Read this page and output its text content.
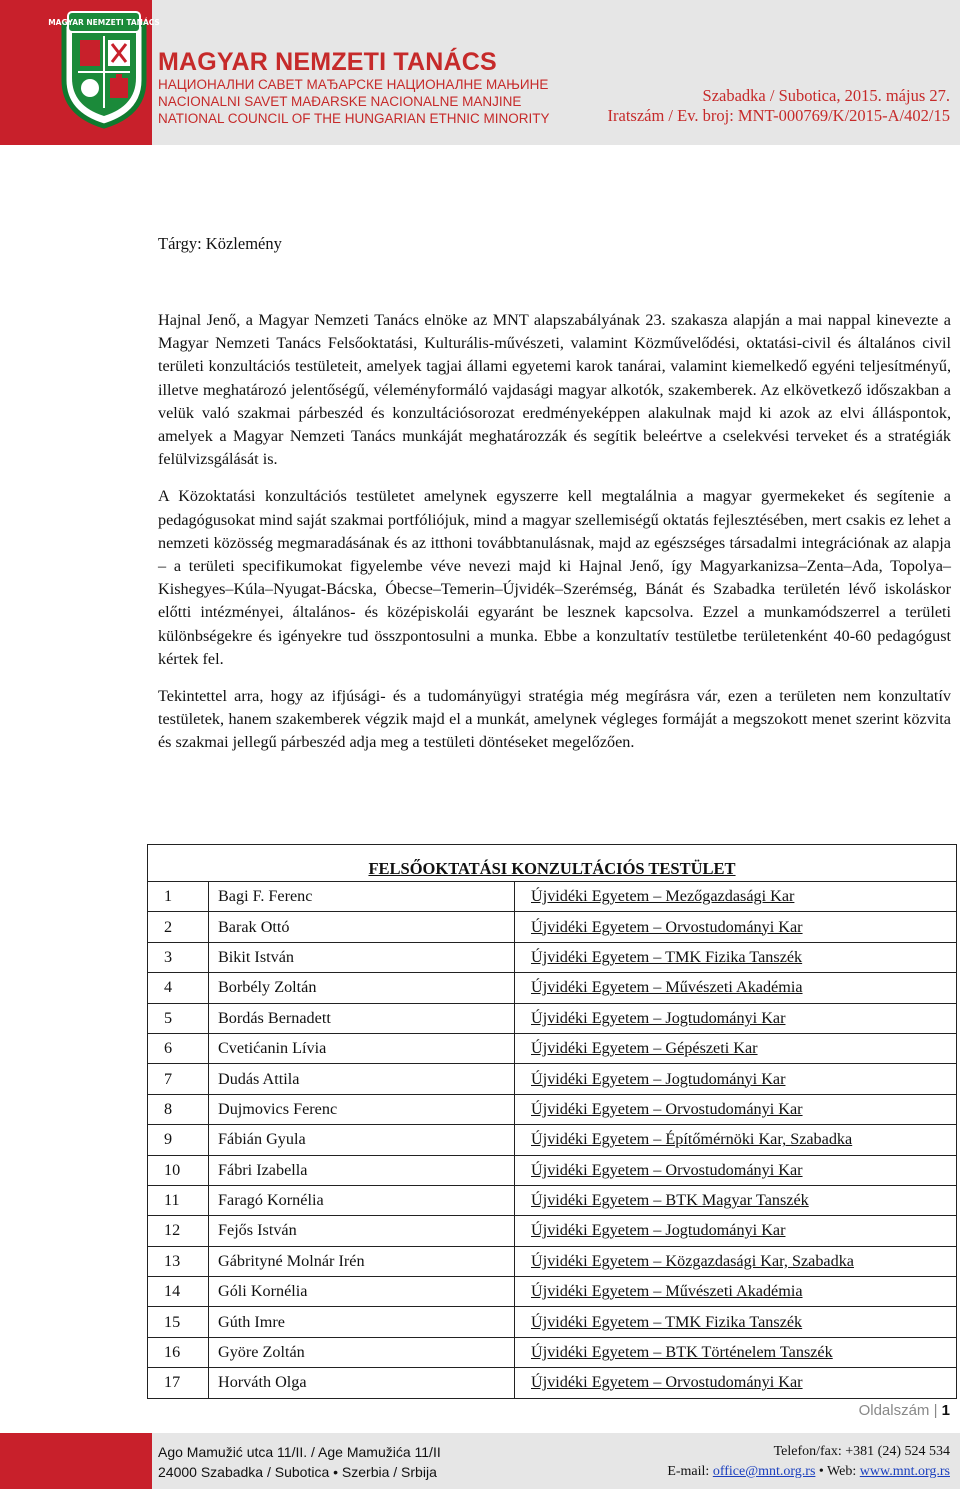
MAGYAR NEMZETI TANÁCS
MAGYAR NEMZETI TANÁCS
НАЦИОНАЛНИ САВЕТ МАЂАРСКЕ НАЦИОНАЛНЕ МАЊИНЕ
NACIONALNI SAVET MAĐARSKE NACIONALNE MANJINE
NATIONAL COUNCIL OF THE HUNGARIAN ETHNIC MINORITY
Szabadka / Subotica, 2015. május 27.
Iratszám / Ev. broj: MNT-000769/K/2015-A/402/15
Tárgy: Közlemény

Hajnal Jenő, a Magyar Nemzeti Tanács elnöke az MNT alapszabályának 23. szakasza alapján a mai nappal kinevezte a Magyar Nemzeti Tanács Felsőoktatási, Kulturális-művészeti, valamint Közművelődési, oktatási-civil és általános civil területi konzultációs testületeit, amelyek tagjai állami egyetemi karok tanárai, valamint kiemelkedő egyéni teljesítményű, illetve meghatározó jelentőségű, véleményformáló vajdasági magyar alkotók, szakemberek. Az elkövetkező időszakban a velük való szakmai párbeszéd és konzultációsorozat eredményeképpen alakulnak majd ki azok az elvi álláspontok, amelyek a Magyar Nemzeti Tanács munkáját meghatározzák és segítik beleértve a cselekvési terveket és a stratégiák felülvizsgálását is.

A Közoktatási konzultációs testületet amelynek egyszerre kell megtalálnia a magyar gyermekeket és segítenie a pedagógusokat mind saját szakmai portfóliójuk, mind a magyar szellemiségű oktatás fejlesztésében, mert csakis ez lehet a nemzeti közösség megmaradásának és az itthoni továbbtanulásnak, majd az egészséges társadalmi integrációnak az alapja – a területi specifikumokat figyelembe véve nevezi majd ki Hajnal Jenő, így Magyarkanizsa–Zenta–Ada, Topolya–Kishegyes–Kúla–Nyugat-Bácska, Óbecse–Temerin–Újvidék–Szerémség, Bánát és Szabadka területén lévő iskoláskor előtti intézményei, általános- és középiskolái egyaránt be lesznek kapcsolva. Ezzel a munkamódszerrel a területi különbségekre és igényekre tud összpontosulni a munka. Ebbe a konzultatív testületbe területenként 40-60 pedagógust kértek fel.

Tekintettel arra, hogy az ifjúsági- és a tudományügyi stratégia még megírásra vár, ezen a területen nem konzultatív testületek, hanem szakemberek végzik majd el a munkát, amelynek végleges formáját a megszokott menet szerint közvita és szakmai jellegű párbeszéd adja meg a testületi döntéseket megelőzően.

FELSŐOKTATÁSI KONZULTÁCIÓS TESTÜLET		
1	Bagi F. Ferenc	Újvidéki Egyetem – Mezőgazdasági Kar
2	Barak Ottó	Újvidéki Egyetem – Orvostudományi Kar
3	Bikit István	Újvidéki Egyetem – TMK Fizika Tanszék
4	Borbély Zoltán	Újvidéki Egyetem – Művészeti Akadémia
5	Bordás Bernadett	Újvidéki Egyetem – Jogtudományi Kar
6	Cvetićanin Lívia	Újvidéki Egyetem – Gépészeti Kar
7	Dudás Attila	Újvidéki Egyetem – Jogtudományi Kar
8	Dujmovics Ferenc	Újvidéki Egyetem – Orvostudományi Kar
9	Fábián Gyula	Újvidéki Egyetem – Építőmérnöki Kar, Szabadka
10	Fábri Izabella	Újvidéki Egyetem – Orvostudományi Kar
11	Faragó Kornélia	Újvidéki Egyetem – BTK Magyar Tanszék
12	Fejős István	Újvidéki Egyetem – Jogtudományi Kar
13	Gábrityné Molnár Irén	Újvidéki Egyetem – Közgazdasági Kar, Szabadka
14	Góli Kornélia	Újvidéki Egyetem – Művészeti Akadémia
15	Gúth Imre	Újvidéki Egyetem – TMK Fizika Tanszék
16	Györe Zoltán	Újvidéki Egyetem – BTK Történelem Tanszék
17	Horváth Olga	Újvidéki Egyetem – Orvostudományi Kar
Oldalszám | 1
Ago Mamužić utca 11/II. / Age Mamužića 11/II
24000 Szabadka / Subotica • Szerbia / Srbija
Telefon/fax: +381 (24) 524 534
E-mail: office@mnt.org.rs • Web: www.mnt.org.rs
